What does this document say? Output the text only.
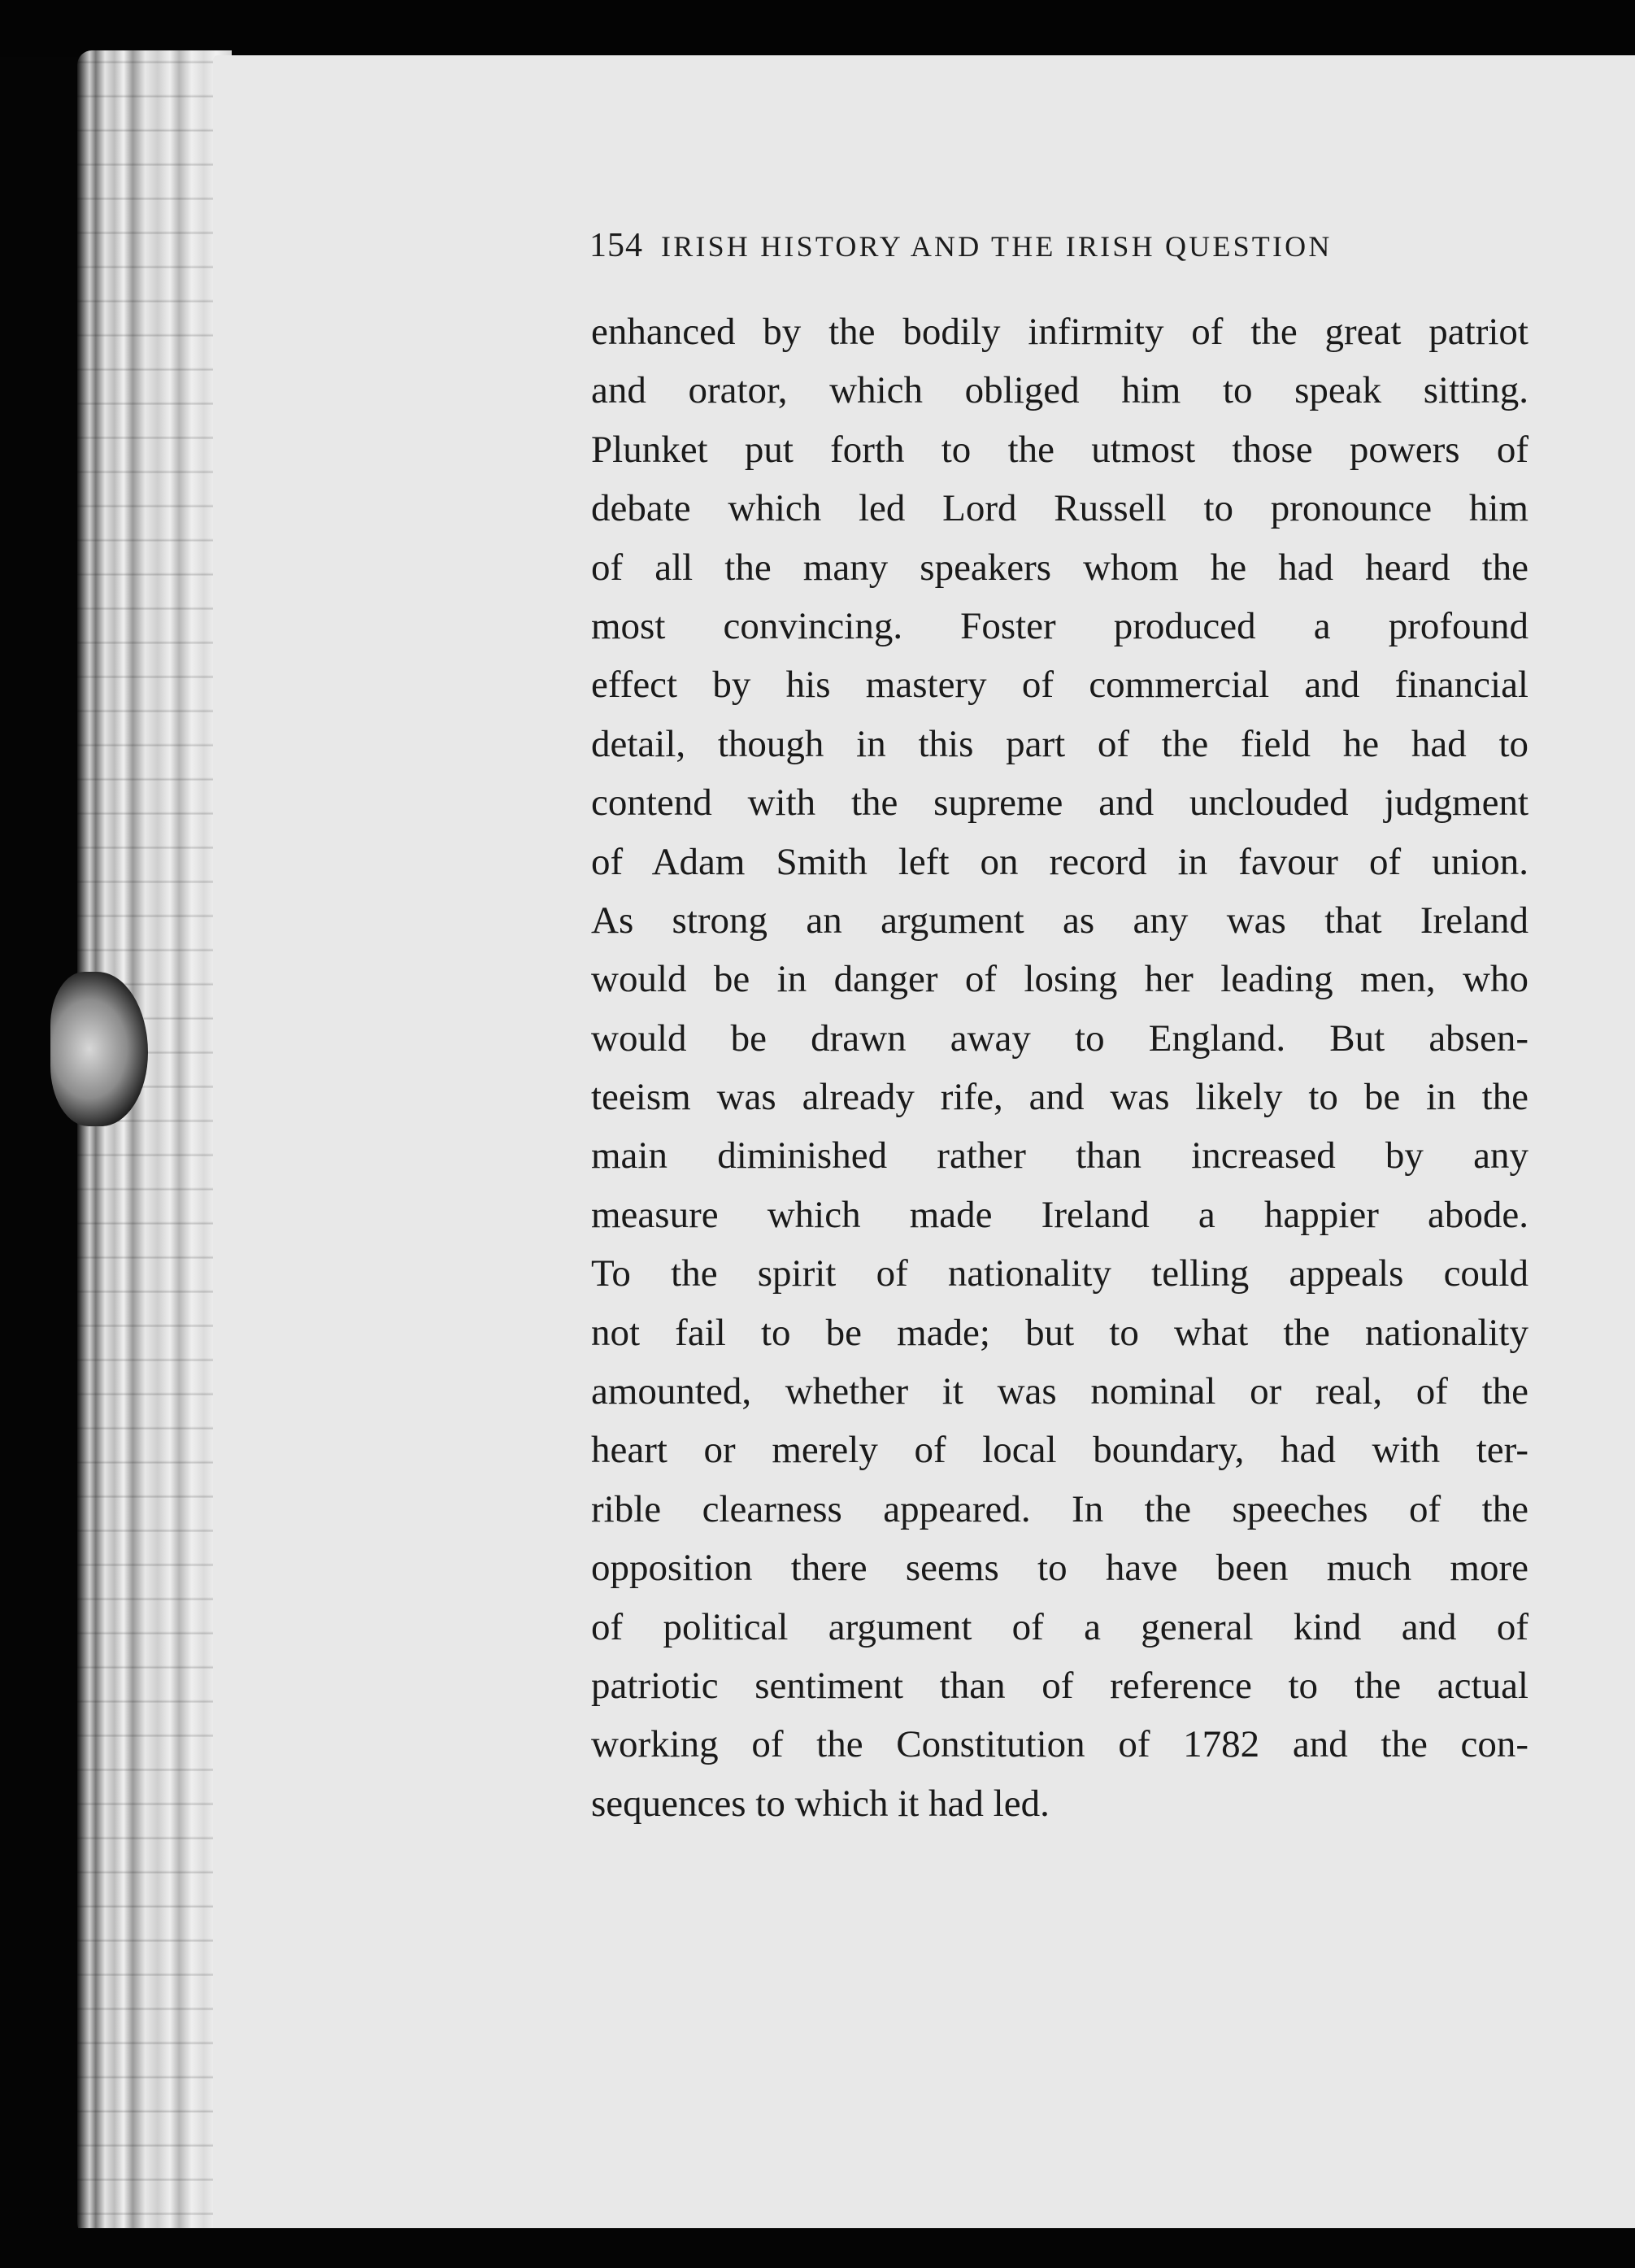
154 IRISH HISTORY AND THE IRISH QUESTION
enhanced by the bodily infirmity of the great patriot
and orator, which obliged him to speak sitting.
Plunket put forth to the utmost those powers of
debate which led Lord Russell to pronounce him
of all the many speakers whom he had heard the
most convincing. Foster produced a profound
effect by his mastery of commercial and financial
detail, though in this part of the field he had to
contend with the supreme and unclouded judgment
of Adam Smith left on record in favour of union.
As strong an argument as any was that Ireland
would be in danger of losing her leading men, who
would be drawn away to England. But absen-
teeism was already rife, and was likely to be in the
main diminished rather than increased by any
measure which made Ireland a happier abode.
To the spirit of nationality telling appeals could
not fail to be made; but to what the nationality
amounted, whether it was nominal or real, of the
heart or merely of local boundary, had with ter-
rible clearness appeared. In the speeches of the
opposition there seems to have been much more
of political argument of a general kind and of
patriotic sentiment than of reference to the actual
working of the Constitution of 1782 and the con-
sequences to which it had led.
